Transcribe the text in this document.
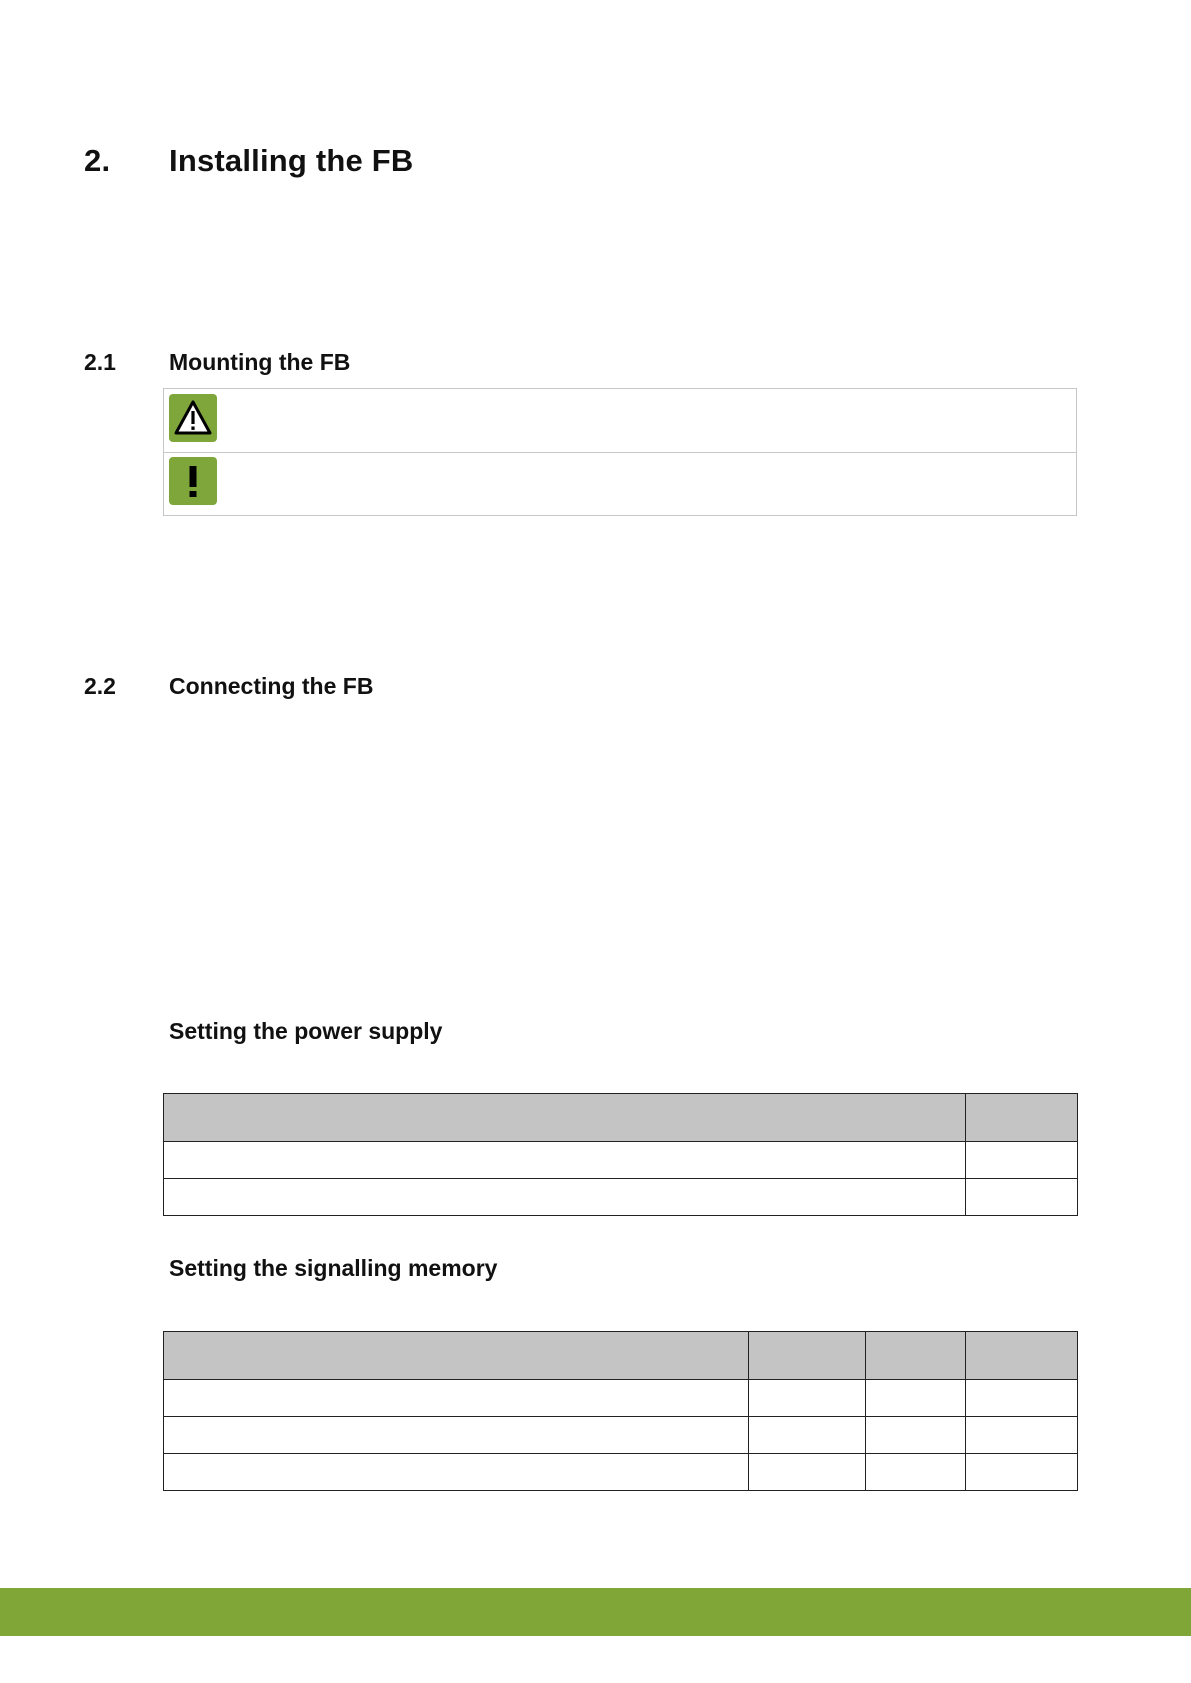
2. Installing the FB
2.1 Mounting the FB
2.2 Connecting the FB
Setting the power supply

Setting the signalling memory
